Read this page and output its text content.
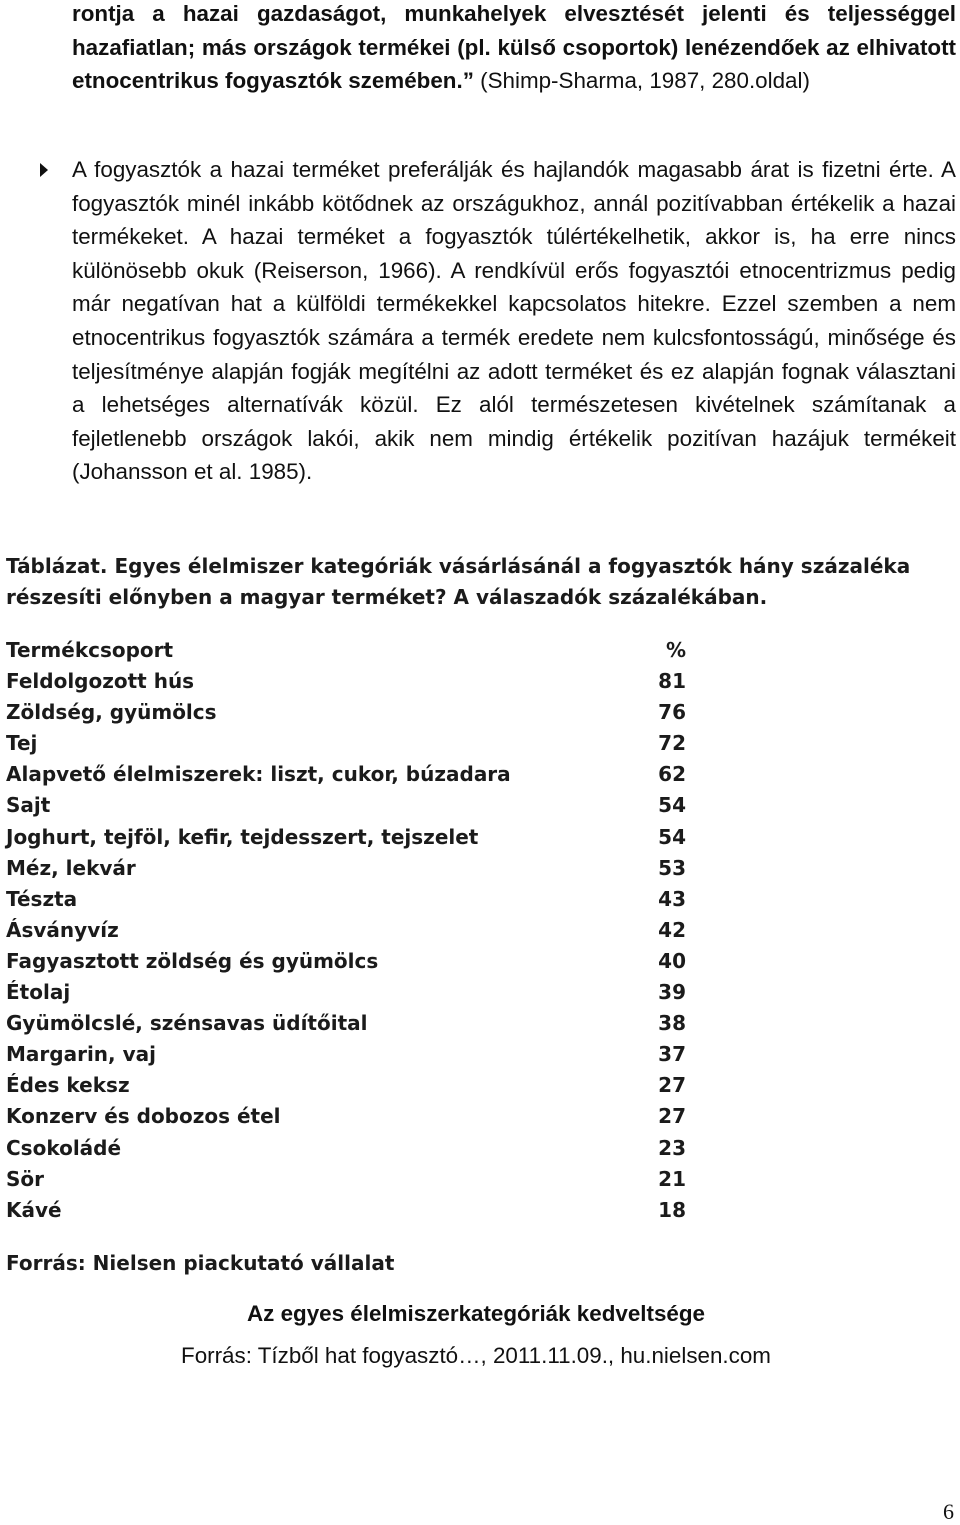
rontja a hazai gazdaságot, munkahelyek elvesztését jelenti és teljességgel hazafiatlan; más országok termékei (pl. külső csoportok) lenézendőek az elhivatott etnocentrikus fogyasztók szemében.” (Shimp-Sharma, 1987, 280.oldal)
A fogyasztók a hazai terméket preferálják és hajlandók magasabb árat is fizetni érte. A fogyasztók minél inkább kötődnek az országukhoz, annál pozitívabban értékelik a hazai termékeket. A hazai terméket a fogyasztók túlértékelhetik, akkor is, ha erre nincs különösebb okuk (Reiserson, 1966). A rendkívül erős fogyasztói etnocentrizmus pedig már negatívan hat a külföldi termékekkel kapcsolatos hitekre. Ezzel szemben a nem etnocentrikus fogyasztók számára a termék eredete nem kulcsfontosságú, minősége és teljesítménye alapján fogják megítélni az adott terméket és ez alapján fognak választani a lehetséges alternatívák közül. Ez alól természetesen kivételnek számítanak a fejletlenebb országok lakói, akik nem mindig értékelik pozitívan hazájuk termékeit (Johansson et al. 1985).
Táblázat. Egyes élelmiszer kategóriák vásárlásánál a fogyasztók hány százaléka részesíti előnyben a magyar terméket? A válaszadók százalékában.
Termékcsoport	%
Feldolgozott hús	81
Zöldség, gyümölcs	76
Tej	72
Alapvető élelmiszerek: liszt, cukor, búzadara	62
Sajt	54
Joghurt, tejföl, kefir, tejdesszert, tejszelet	54
Méz, lekvár	53
Tészta	43
Ásványvíz	42
Fagyasztott zöldség és gyümölcs	40
Étolaj	39
Gyümölcslé, szénsavas üdítőital	38
Margarin, vaj	37
Édes keksz	27
Konzerv és dobozos étel	27
Csokoládé	23
Sör	21
Kávé	18
Forrás: Nielsen piackutató vállalat
Az egyes élelmiszerkategóriák kedveltsége
Forrás: Tízből hat fogyasztó…, 2011.11.09., hu.nielsen.com
6
